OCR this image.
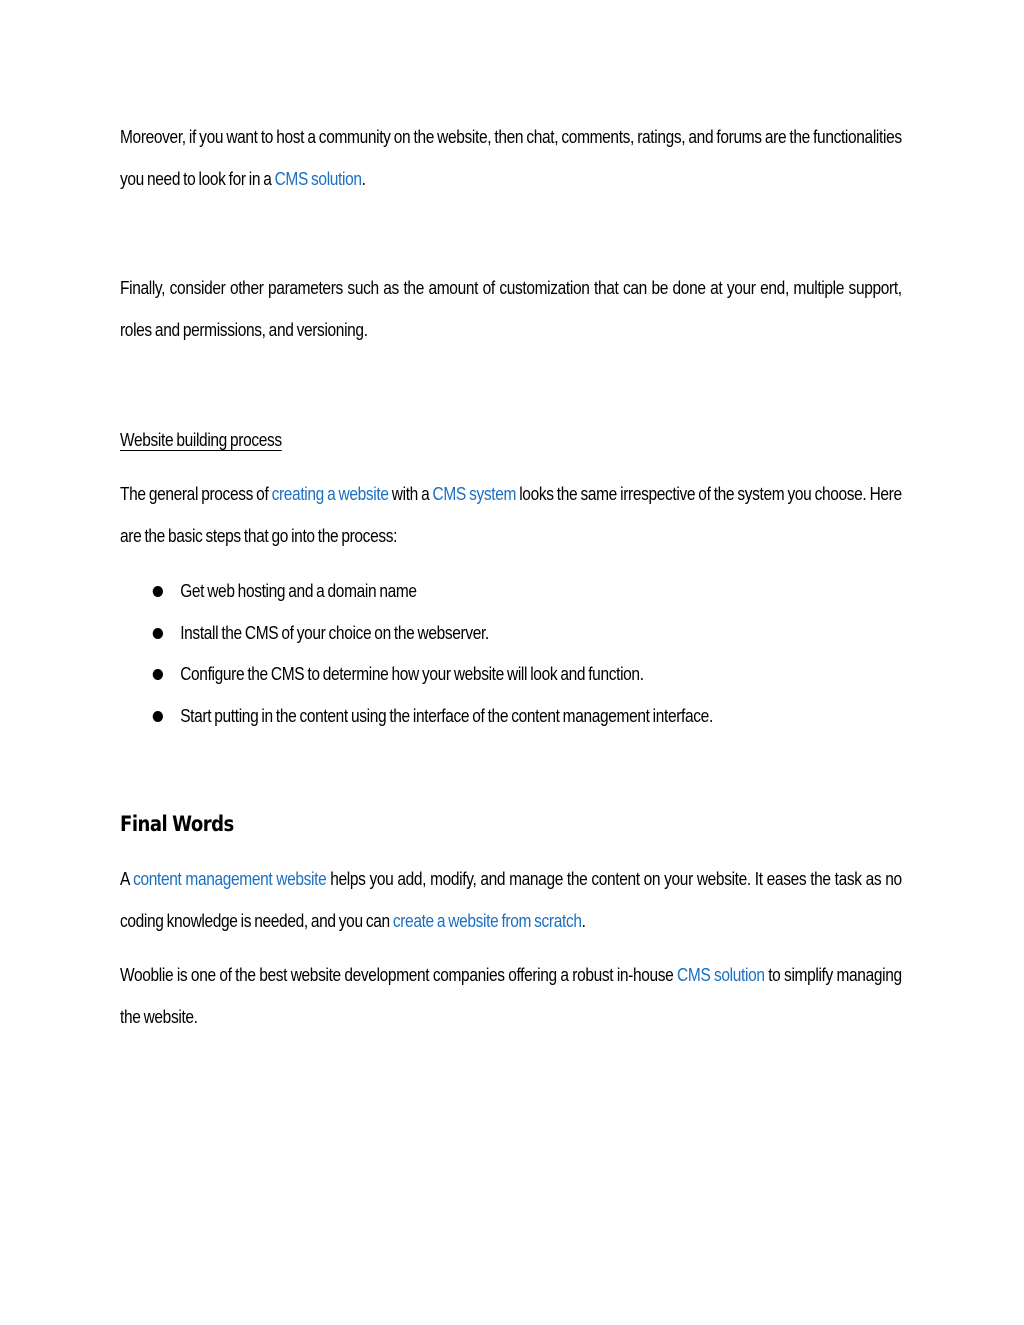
Moreover, if you want to host a community on the website, then chat, comments, ratings, and forums are the functionalities you need to look for in a CMS solution.

Finally, consider other parameters such as the amount of customization that can be done at your end, multiple support, roles and permissions, and versioning.

Website building process

The general process of creating a website with a CMS system looks the same irrespective of the system you choose. Here are the basic steps that go into the process:

Get web hosting and a domain name
Install the CMS of your choice on the webserver.
Configure the CMS to determine how your website will look and function.
Start putting in the content using the interface of the content management interface.
Final Words

A content management website helps you add, modify, and manage the content on your website. It eases the task as no coding knowledge is needed, and you can create a website from scratch.

Wooblie is one of the best website development companies offering a robust in-house CMS solution to simplify managing the website.
